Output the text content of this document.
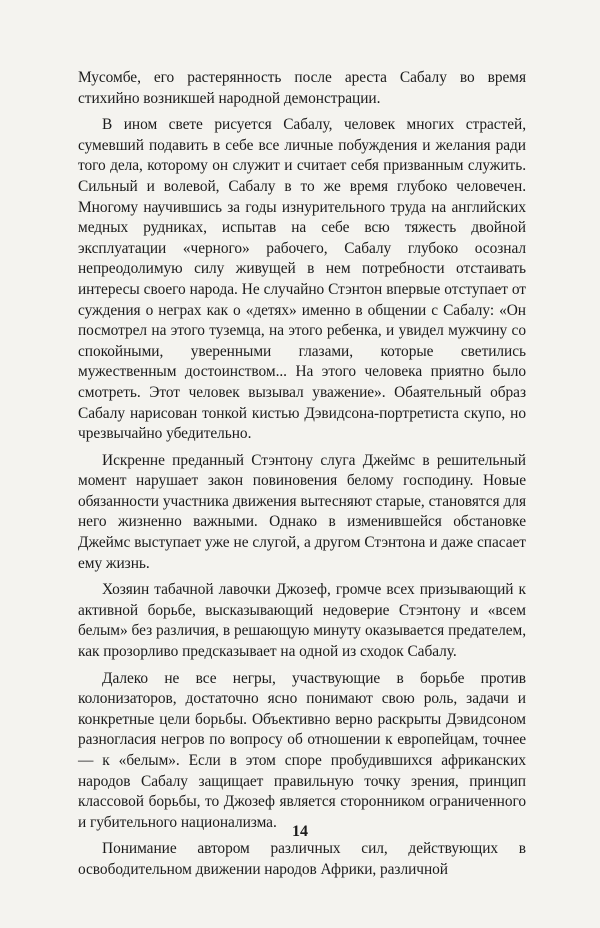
Мусомбе, его растерянность после ареста Сабалу во время стихийно возникшей народной демонстрации.

В ином свете рисуется Сабалу, человек многих страстей, сумевший подавить в себе все личные побуждения и желания ради того дела, которому он служит и считает себя призванным служить. Сильный и волевой, Сабалу в то же время глубоко человечен. Многому научившись за годы изнурительного труда на английских медных рудниках, испытав на себе всю тяжесть двойной эксплуатации «черного» рабочего, Сабалу глубоко осознал непреодолимую силу живущей в нем потребности отстаивать интересы своего народа. Не случайно Стэнтон впервые отступает от суждения о неграх как о «детях» именно в общении с Сабалу: «Он посмотрел на этого туземца, на этого ребенка, и увидел мужчину со спокойными, уверенными глазами, которые светились мужественным достоинством... На этого человека приятно было смотреть. Этот человек вызывал уважение». Обаятельный образ Сабалу нарисован тонкой кистью Дэвидсона-портретиста скупо, но чрезвычайно убедительно.

Искренне преданный Стэнтону слуга Джеймс в решительный момент нарушает закон повиновения белому господину. Новые обязанности участника движения вытесняют старые, становятся для него жизненно важными. Однако в изменившейся обстановке Джеймс выступает уже не слугой, а другом Стэнтона и даже спасает ему жизнь.

Хозяин табачной лавочки Джозеф, громче всех призывающий к активной борьбе, высказывающий недоверие Стэнтону и «всем белым» без различия, в решающую минуту оказывается предателем, как прозорливо предсказывает на одной из сходок Сабалу.

Далеко не все негры, участвующие в борьбе против колонизаторов, достаточно ясно понимают свою роль, задачи и конкретные цели борьбы. Объективно верно раскрыты Дэвидсоном разногласия негров по вопросу об отношении к европейцам, точнее — к «белым». Если в этом споре пробудившихся африканских народов Сабалу защищает правильную точку зрения, принцип классовой борьбы, то Джозеф является сторонником ограниченного и губительного национализма.

Понимание автором различных сил, действующих в освободительном движении народов Африки, различной

14
